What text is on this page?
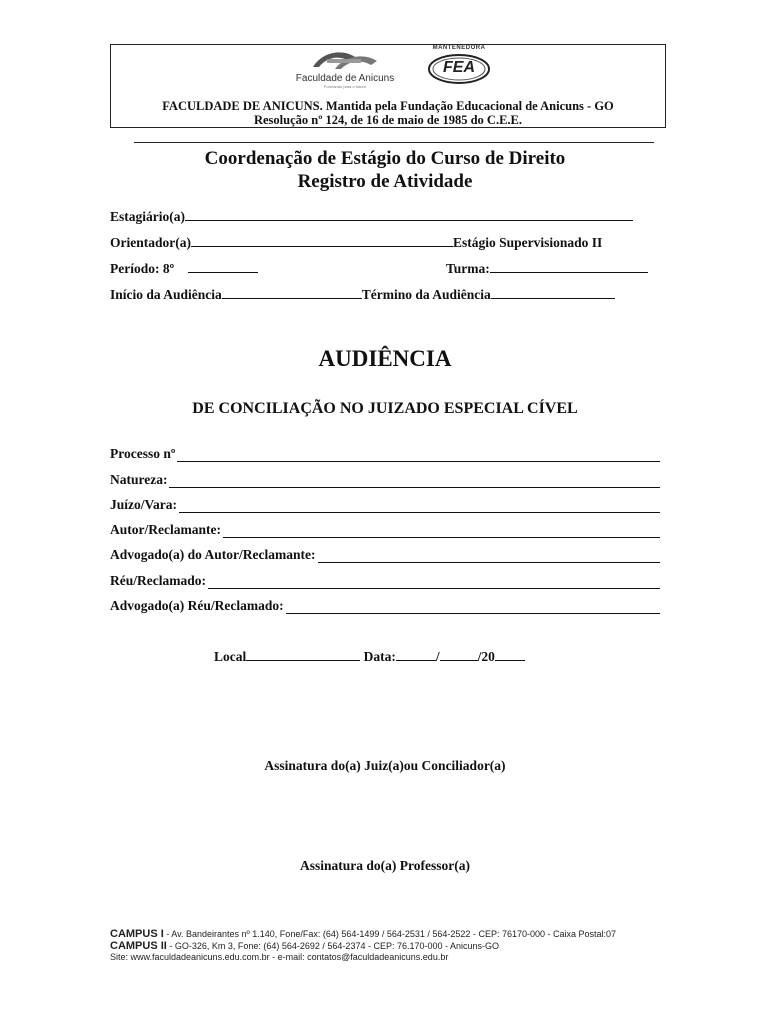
Faculdade de Anicuns
Formando para o futuro
MANTENEDORA
FEA
FACULDADE DE ANICUNS. Mantida pela Fundação Educacional de Anicuns - GO
Resolução nº 124, de 16 de maio de 1985 do C.E.E.
Coordenação de Estágio do Curso de Direito
Registro de Atividade
Estagiário(a)
Orientador(a)	Estágio Supervisionado II
Período: 8º	Turma:
Início da Audiência	Término da Audiência
AUDIÊNCIA
DE CONCILIAÇÃO NO JUIZADO ESPECIAL CÍVEL
Processo nº
Natureza:
Juízo/Vara:
Autor/Reclamante:
Advogado(a) do Autor/Reclamante:
Réu/Reclamado:
Advogado(a) Réu/Reclamado:
Local	Data:	/	/20
Assinatura do(a) Juiz(a)ou Conciliador(a)
Assinatura do(a) Professor(a)
CAMPUS I - Av. Bandeirantes nº 1.140, Fone/Fax: (64) 564-1499 / 564-2531 / 564-2522 - CEP: 76170-000 - Caixa Postal:07
CAMPUS II - GO-326, Km 3, Fone: (64) 564-2692 / 564-2374 - CEP: 76.170-000 - Anicuns-GO
Site: www.faculdadeanicuns.edu.com.br - e-mail: contatos@faculdadeanicuns.edu.br
